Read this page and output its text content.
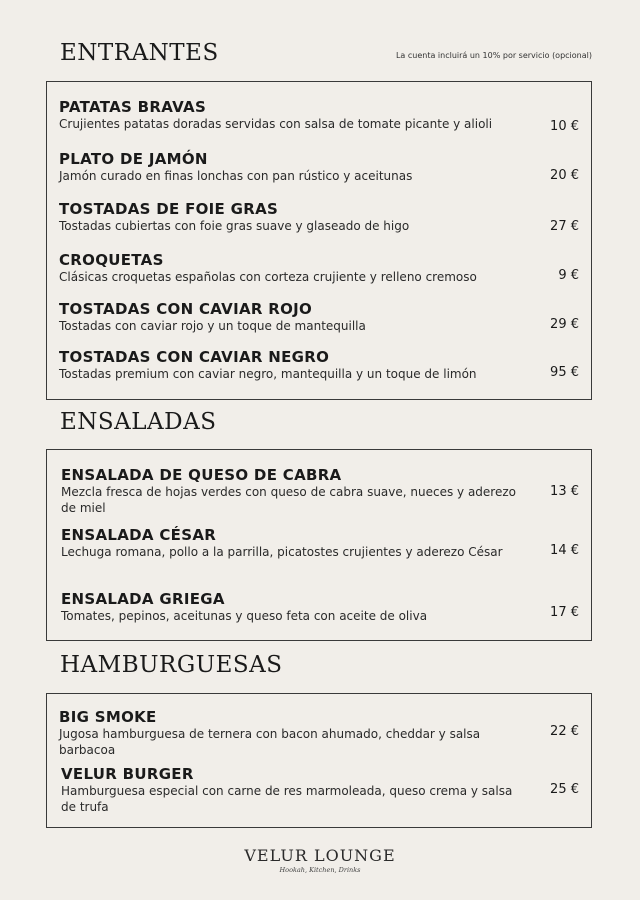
ENTRANTES	La cuenta incluirá un 10% por servicio (opcional)
PATATAS BRAVAS
Crujientes patatas doradas servidas con salsa de tomate picante y alioli	10 €
PLATO DE JAMÓN
Jamón curado en finas lonchas con pan rústico y aceitunas	20 €
TOSTADAS DE FOIE GRAS
Tostadas cubiertas con foie gras suave y glaseado de higo	27 €
CROQUETAS
Clásicas croquetas españolas con corteza crujiente y relleno cremoso	9 €
TOSTADAS CON CAVIAR ROJO
Tostadas con caviar rojo y un toque de mantequilla	29 €
TOSTADAS CON CAVIAR NEGRO
Tostadas premium con caviar negro, mantequilla y un toque de limón	95 €
ENSALADAS
ENSALADA DE QUESO DE CABRA
Mezcla fresca de hojas verdes con queso de cabra suave, nueces y aderezo de miel
13 €
ENSALADA CÉSAR
Lechuga romana, pollo a la parrilla, picatostes crujientes y aderezo César	14 €
ENSALADA GRIEGA
Tomates, pepinos, aceitunas y queso feta con aceite de oliva	17 €
HAMBURGUESAS
BIG SMOKE
Jugosa hamburguesa de ternera con bacon ahumado, cheddar y salsa barbacoa
22 €
VELUR BURGER
Hamburguesa especial con carne de res marmoleada, queso crema y salsa de trufa
25 €
VELUR LOUNGE
Hookah, Kitchen, Drinks
